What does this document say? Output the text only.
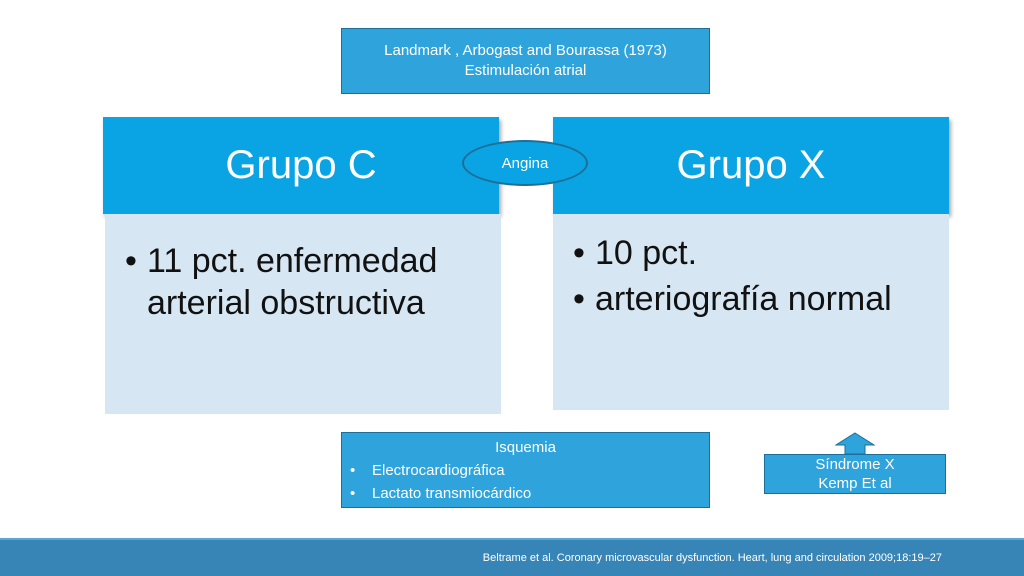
Landmark , Arbogast and Bourassa (1973)
Estimulación atrial
Grupo C
• 11 pct. enfermedad arterial obstructiva
Grupo X
• 10 pct.
• arteriografía normal
Angina
Isquemia
•	Electrocardiográfica
•	Lactato transmiocárdico
Síndrome X
Kemp Et al
Beltrame et al. Coronary microvascular dysfunction. Heart, lung and circulation 2009;18:19–27
